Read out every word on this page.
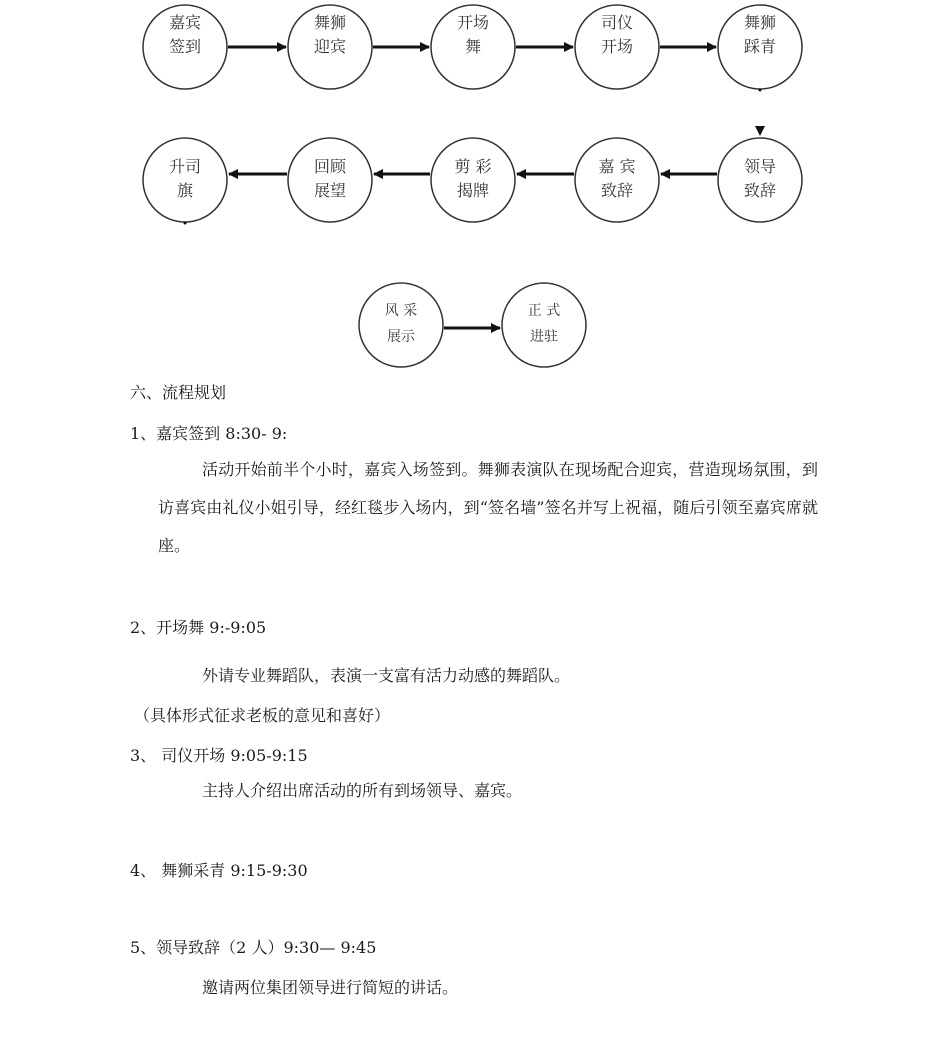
嘉宾
签到
舞狮
迎宾
开场
舞
司仪
开场
舞狮
踩青
升司
旗
回顾
展望
剪 彩
揭牌
嘉 宾
致辞
领导
致辞
风 采
展示
正 式
进驻
六、流程规划
1、嘉宾签到 8:30- 9:
活动开始前半个小时，嘉宾入场签到。舞狮表演队在现场配合迎宾，营造现场氛围，到访喜宾由礼仪小姐引导，经红毯步入场内，到“签名墙”签名并写上祝福，随后引领至嘉宾席就座。
2、开场舞 9:-9:05
外请专业舞蹈队，表演一支富有活力动感的舞蹈队。
（具体形式征求老板的意见和喜好）
3、 司仪开场 9:05-9:15
主持人介绍出席活动的所有到场领导、嘉宾。
4、 舞狮采青 9:15-9:30
5、领导致辞（2 人）9:30— 9:45
邀请两位集团领导进行简短的讲话。
